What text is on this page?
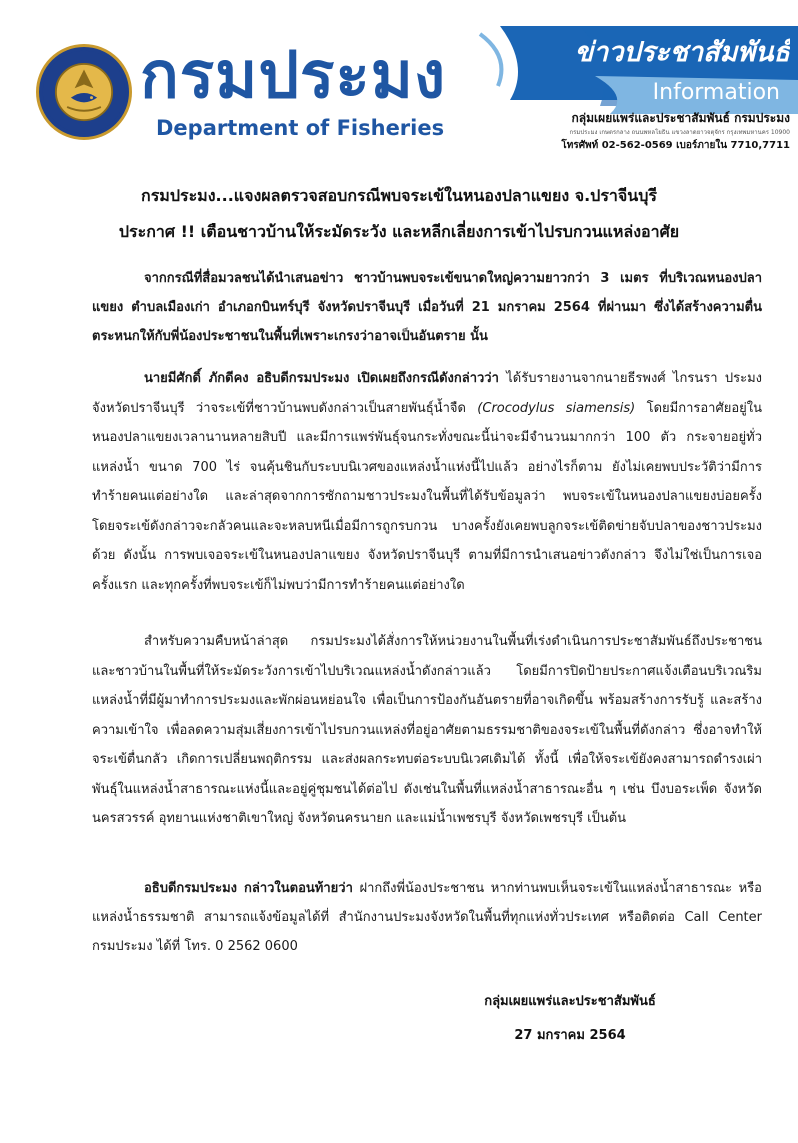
กรมประมง
Department of Fisheries
ข่าวประชาสัมพันธ์
Information
กลุ่มเผยแพร่และประชาสัมพันธ์ กรมประมง
กรมประมง เกษตรกลาง ถนนพหลโยธิน แขวงลาดยาวจตุจักร กรุงเทพมหานคร 10900
โทรศัพท์ 02-562-0569 เบอร์ภายใน 7710,7711
กรมประมง...แจงผลตรวจสอบกรณีพบจระเข้ในหนองปลาแขยง จ.ปราจีนบุรี
ประกาศ !! เตือนชาวบ้านให้ระมัดระวัง และหลีกเลี่ยงการเข้าไปรบกวนแหล่งอาศัย
จากกรณีที่สื่อมวลชนได้นำเสนอข่าว ชาวบ้านพบจระเข้ขนาดใหญ่ความยาวกว่า 3 เมตร ที่บริเวณหนองปลาแขยง ตำบลเมืองเก่า อำเภอกบินทร์บุรี จังหวัดปราจีนบุรี เมื่อวันที่ 21 มกราคม 2564 ที่ผ่านมา ซึ่งได้สร้างความตื่นตระหนกให้กับพี่น้องประชาชนในพื้นที่เพราะเกรงว่าอาจเป็นอันตราย นั้น
นายมีศักดิ์ ภักดีคง อธิบดีกรมประมง เปิดเผยถึงกรณีดังกล่าวว่า ได้รับรายงานจากนายธีรพงศ์ ไกรนรา ประมงจังหวัดปราจีนบุรี ว่าจระเข้ที่ชาวบ้านพบดังกล่าวเป็นสายพันธุ์น้ำจืด (Crocodylus siamensis) โดยมีการอาศัยอยู่ในหนองปลาแขยงเวลานานหลายสิบปี และมีการแพร่พันธุ์จนกระทั่งขณะนี้น่าจะมีจำนวนมากกว่า 100 ตัว กระจายอยู่ทั่วแหล่งน้ำ ขนาด 700 ไร่ จนคุ้นชินกับระบบนิเวศของแหล่งน้ำแห่งนี้ไปแล้ว อย่างไรก็ตาม ยังไม่เคยพบประวัติว่ามีการทำร้ายคนแต่อย่างใด และล่าสุดจากการซักถามชาวประมงในพื้นที่ได้รับข้อมูลว่า พบจระเข้ในหนองปลาแขยงบ่อยครั้ง โดยจระเข้ดังกล่าวจะกลัวคนและจะหลบหนีเมื่อมีการถูกรบกวน บางครั้งยังเคยพบลูกจระเข้ติดข่ายจับปลาของชาวประมงด้วย ดังนั้น การพบเจอจระเข้ในหนองปลาแขยง จังหวัดปราจีนบุรี ตามที่มีการนำเสนอข่าวดังกล่าว จึงไม่ใช่เป็นการเจอครั้งแรก และทุกครั้งที่พบจระเข้ก็ไม่พบว่ามีการทำร้ายคนแต่อย่างใด
สำหรับความคืบหน้าล่าสุด กรมประมงได้สั่งการให้หน่วยงานในพื้นที่เร่งดำเนินการประชาสัมพันธ์ถึงประชาชนและชาวบ้านในพื้นที่ให้ระมัดระวังการเข้าไปบริเวณแหล่งน้ำดังกล่าวแล้ว โดยมีการปิดป้ายประกาศแจ้งเตือนบริเวณริมแหล่งน้ำที่มีผู้มาทำการประมงและพักผ่อนหย่อนใจ เพื่อเป็นการป้องกันอันตรายที่อาจเกิดขึ้น พร้อมสร้างการรับรู้ และสร้างความเข้าใจ เพื่อลดความสุ่มเสี่ยงการเข้าไปรบกวนแหล่งที่อยู่อาศัยตามธรรมชาติของจระเข้ในพื้นที่ดังกล่าว ซึ่งอาจทำให้จระเข้ตื่นกลัว เกิดการเปลี่ยนพฤติกรรม และส่งผลกระทบต่อระบบนิเวศเดิมได้ ทั้งนี้ เพื่อให้จระเข้ยังคงสามารถดำรงเผ่าพันธุ์ในแหล่งน้ำสาธารณะแห่งนี้และอยู่คู่ชุมชนได้ต่อไป ดังเช่นในพื้นที่แหล่งน้ำสาธารณะอื่น ๆ เช่น บึงบอระเพ็ด จังหวัดนครสวรรค์ อุทยานแห่งชาติเขาใหญ่ จังหวัดนครนายก และแม่น้ำเพชรบุรี จังหวัดเพชรบุรี เป็นต้น
อธิบดีกรมประมง กล่าวในตอนท้ายว่า ฝากถึงพี่น้องประชาชน หากท่านพบเห็นจระเข้ในแหล่งน้ำสาธารณะ หรือ แหล่งน้ำธรรมชาติ สามารถแจ้งข้อมูลได้ที่ สำนักงานประมงจังหวัดในพื้นที่ทุกแห่งทั่วประเทศ หรือติดต่อ Call Center กรมประมง ได้ที่ โทร. 0 2562 0600
กลุ่มเผยแพร่และประชาสัมพันธ์
27 มกราคม 2564
